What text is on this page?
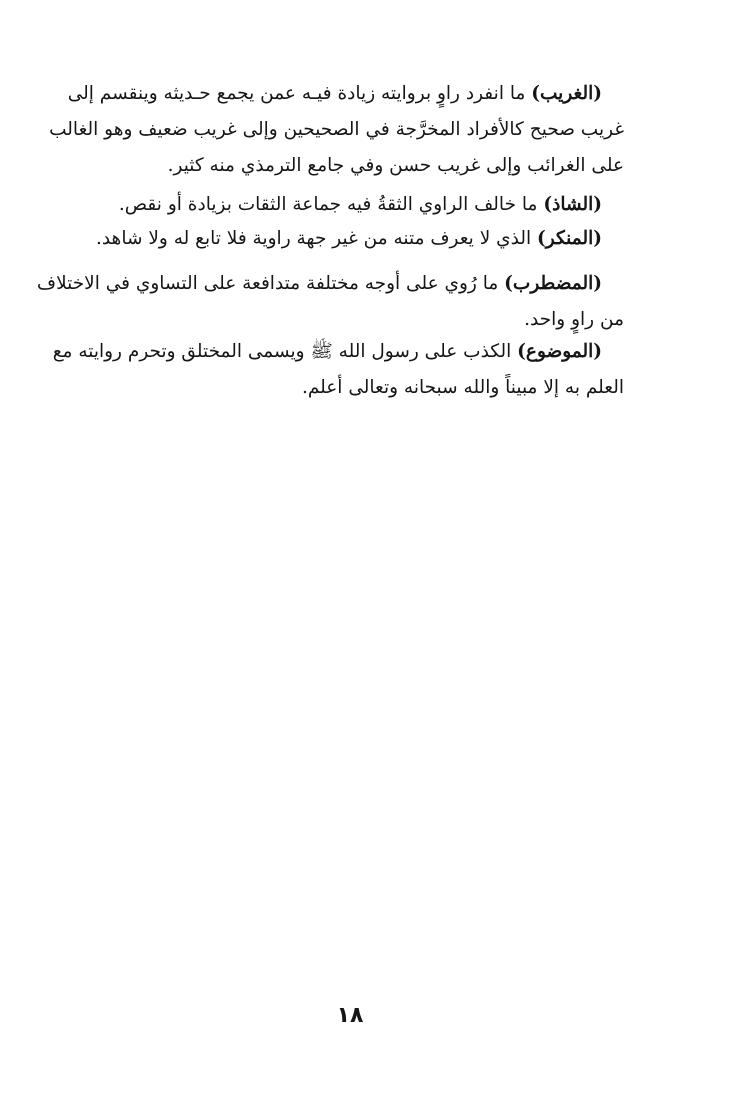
(الغريب) ما انفرد راوٍ بروايته زيادة فيـه عمن يجمع حـديثه وينقسم إلى
غريب صحيح كالأفراد المخرَّجة في الصحيحين وإلى غريب ضعيف وهو الغالب
على الغرائب وإلى غريب حسن وفي جامع الترمذي منه كثير.
(الشاذ) ما خالف الراوي الثقةُ فيه جماعة الثقات بزيادة أو نقص.
(المنكر) الذي لا يعرف متنه من غير جهة راوية فلا تابع له ولا شاهد.
(المضطرب) ما رُوي على أوجه مختلفة متدافعة على التساوي في الاختلاف
من راوٍ واحد.
(الموضوع) الكذب على رسول الله ﷺ ويسمى المختلق وتحرم روايته مع
العلم به إلا مبيناً والله سبحانه وتعالى أعلم.
١٨
